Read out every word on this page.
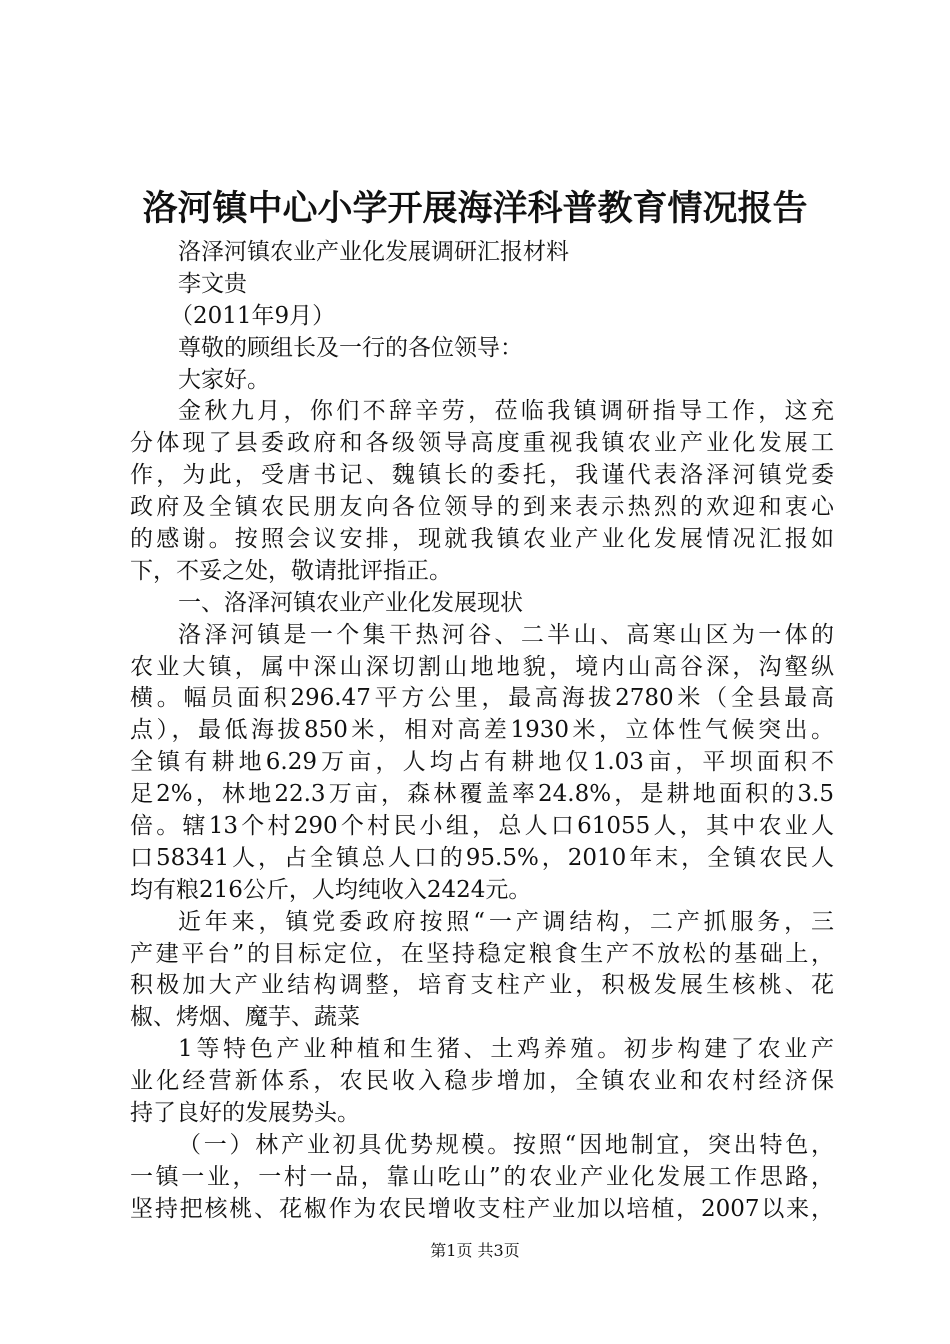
洛河镇中心小学开展海洋科普教育情况报告
洛泽河镇农业产业化发展调研汇报材料
李文贵
（2011年9月）
尊敬的顾组长及一行的各位领导：
大家好。
金秋九月，你们不辞辛劳，莅临我镇调研指导工作，这充
分体现了县委政府和各级领导高度重视我镇农业产业化发展工
作，为此，受唐书记、魏镇长的委托，我谨代表洛泽河镇党委
政府及全镇农民朋友向各位领导的到来表示热烈的欢迎和衷心
的感谢。按照会议安排，现就我镇农业产业化发展情况汇报如
下，不妥之处，敬请批评指正。
一、洛泽河镇农业产业化发展现状
洛泽河镇是一个集干热河谷、二半山、高寒山区为一体的
农业大镇，属中深山深切割山地地貌，境内山高谷深，沟壑纵
横。幅员面积296.47平方公里，最高海拔2780米（全县最高
点），最低海拔850米，相对高差1930米，立体性气候突出。
全镇有耕地6.29万亩，人均占有耕地仅1.03亩，平坝面积不
足2%，林地22.3万亩，森林覆盖率24.8%，是耕地面积的3.5
倍。辖13个村290个村民小组，总人口61055人，其中农业人
口58341人，占全镇总人口的95.5%，2010年末，全镇农民人
均有粮216公斤，人均纯收入2424元。
近年来，镇党委政府按照“一产调结构，二产抓服务，三
产建平台”的目标定位，在坚持稳定粮食生产不放松的基础上，
积极加大产业结构调整，培育支柱产业，积极发展生核桃、花
椒、烤烟、魔芋、蔬菜
1等特色产业种植和生猪、土鸡养殖。初步构建了农业产
业化经营新体系，农民收入稳步增加，全镇农业和农村经济保
持了良好的发展势头。
（一）林产业初具优势规模。按照“因地制宜，突出特色，
一镇一业，一村一品，靠山吃山”的农业产业化发展工作思路，
坚持把核桃、花椒作为农民增收支柱产业加以培植，2007以来，
第1页 共3页
